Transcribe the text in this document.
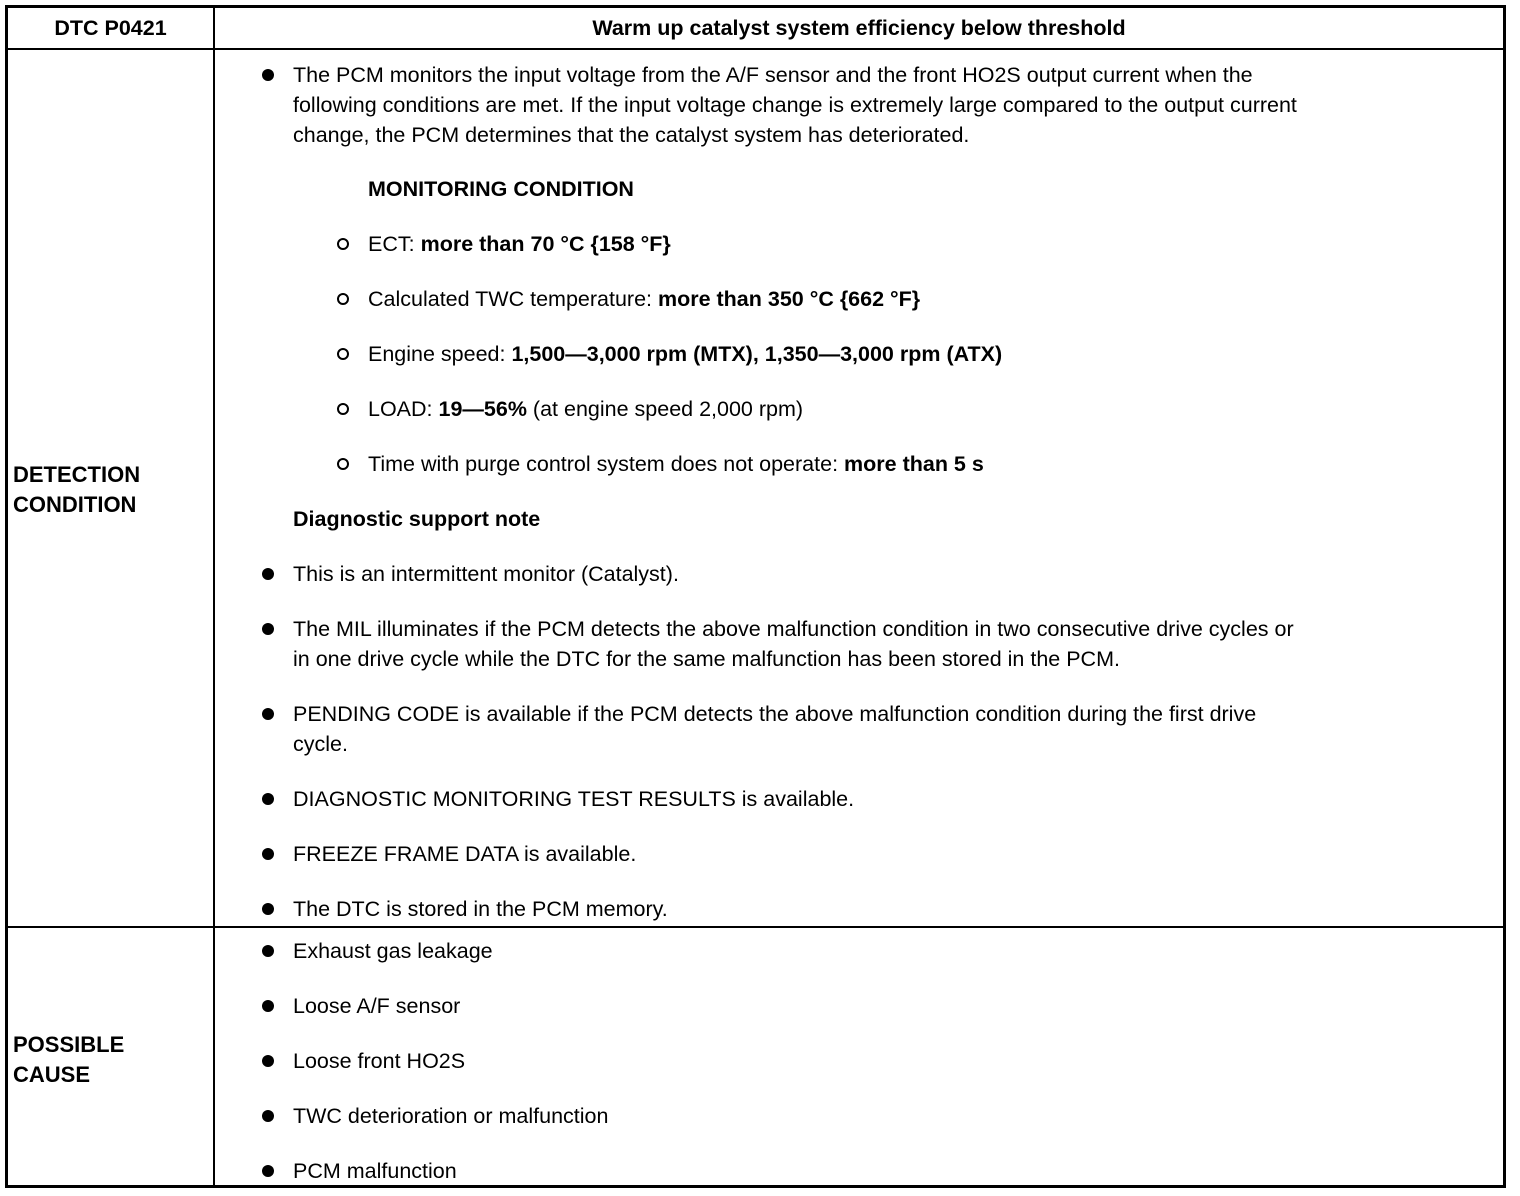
DTC P0421	Warm up catalyst system efficiency below threshold
DETECTION
CONDITION
The PCM monitors the input voltage from the A/F sensor and the front HO2S output current when the
following conditions are met. If the input voltage change is extremely large compared to the output current
change, the PCM determines that the catalyst system has deteriorated.
MONITORING CONDITION
ECT: more than 70 °C {158 °F}
Calculated TWC temperature: more than 350 °C {662 °F}
Engine speed: 1,500—3,000 rpm (MTX), 1,350—3,000 rpm (ATX)
LOAD: 19—56% (at engine speed 2,000 rpm)
Time with purge control system does not operate: more than 5 s
Diagnostic support note
This is an intermittent monitor (Catalyst).
The MIL illuminates if the PCM detects the above malfunction condition in two consecutive drive cycles or
in one drive cycle while the DTC for the same malfunction has been stored in the PCM.
PENDING CODE is available if the PCM detects the above malfunction condition during the first drive
cycle.
DIAGNOSTIC MONITORING TEST RESULTS is available.
FREEZE FRAME DATA is available.
The DTC is stored in the PCM memory.
POSSIBLE
CAUSE
Exhaust gas leakage
Loose A/F sensor
Loose front HO2S
TWC deterioration or malfunction
PCM malfunction
